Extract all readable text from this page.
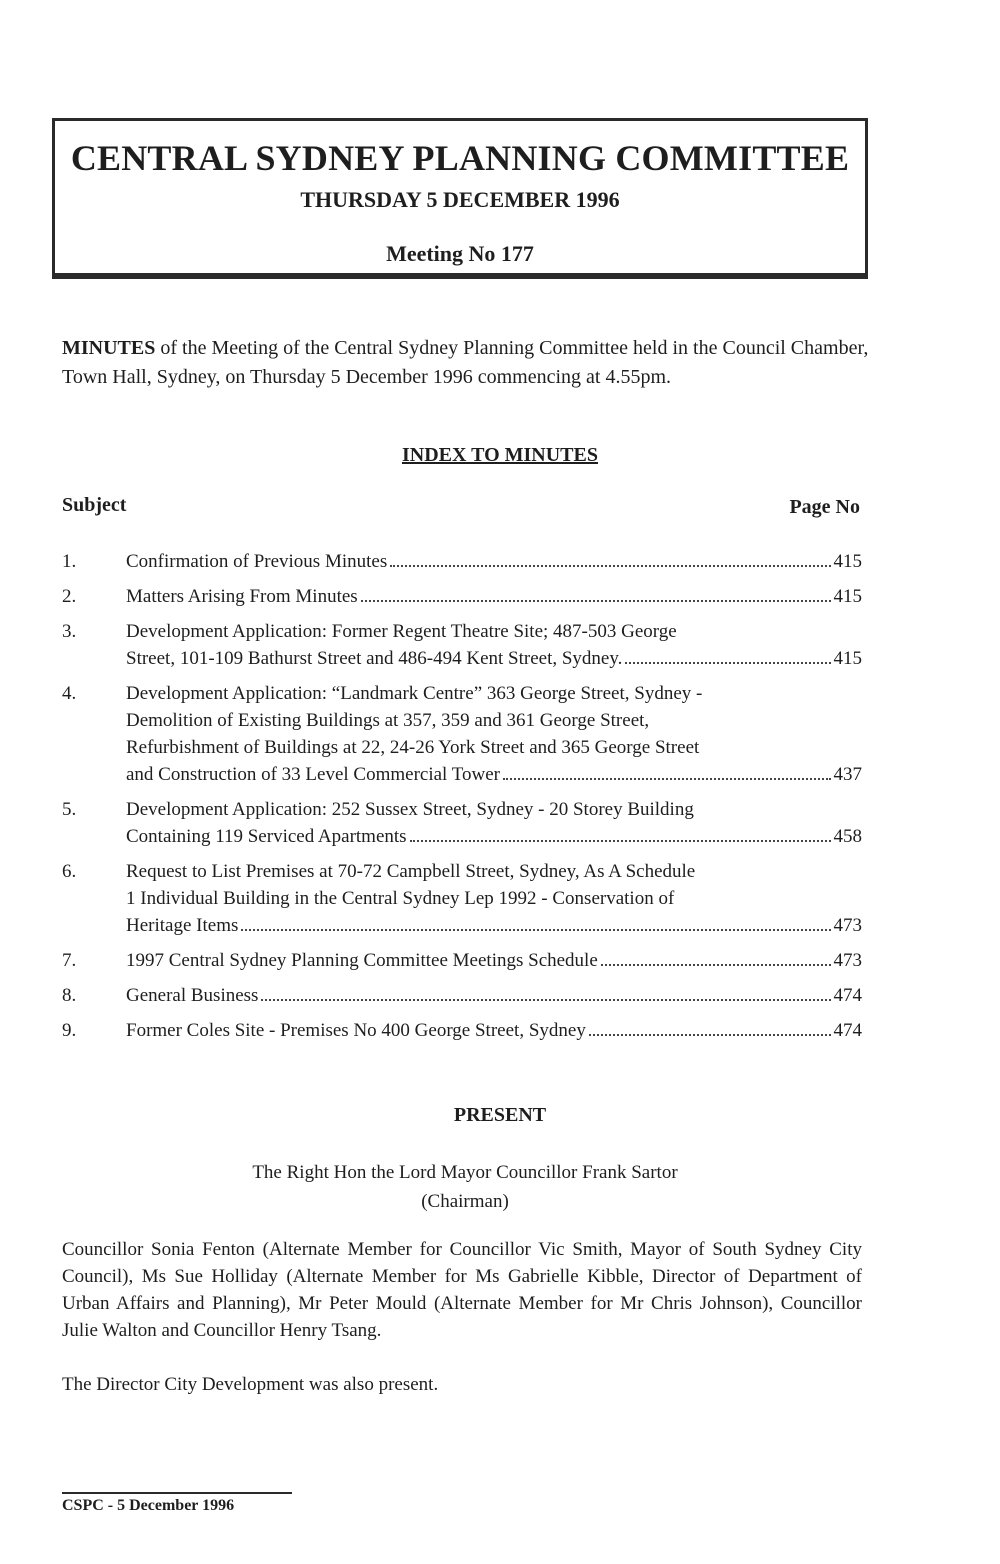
CENTRAL SYDNEY PLANNING COMMITTEE
THURSDAY 5 DECEMBER 1996
Meeting No 177
MINUTES of the Meeting of the Central Sydney Planning Committee held in the Council Chamber, Town Hall, Sydney, on Thursday 5 December 1996 commencing at 4.55pm.
INDEX TO MINUTES
Subject	Page No
1.	Confirmation of Previous Minutes	415
2.	Matters Arising From Minutes	415
3.	Development Application: Former Regent Theatre Site; 487-503 George
Street, 101-109 Bathurst Street and 486-494 Kent Street, Sydney.	415
4.	Development Application: “Landmark Centre” 363 George Street, Sydney -
Demolition of Existing Buildings at 357, 359 and 361 George Street,
Refurbishment of Buildings at 22, 24-26 York Street and 365 George Street
and Construction of 33 Level Commercial Tower	437
5.	Development Application: 252 Sussex Street, Sydney - 20 Storey Building
Containing 119 Serviced Apartments	458
6.	Request to List Premises at 70-72 Campbell Street, Sydney, As A Schedule
1 Individual Building in the Central Sydney Lep 1992 - Conservation of
Heritage Items	473
7.	1997 Central Sydney Planning Committee Meetings Schedule	473
8.	General Business	474
9.	Former Coles Site - Premises No 400 George Street, Sydney	474
PRESENT
The Right Hon the Lord Mayor Councillor Frank Sartor
(Chairman)
Councillor Sonia Fenton (Alternate Member for Councillor Vic Smith, Mayor of South Sydney City Council), Ms Sue Holliday (Alternate Member for Ms Gabrielle Kibble, Director of Department of Urban Affairs and Planning), Mr Peter Mould (Alternate Member for Mr Chris Johnson), Councillor Julie Walton and Councillor Henry Tsang.
The Director City Development was also present.
CSPC - 5 December 1996
